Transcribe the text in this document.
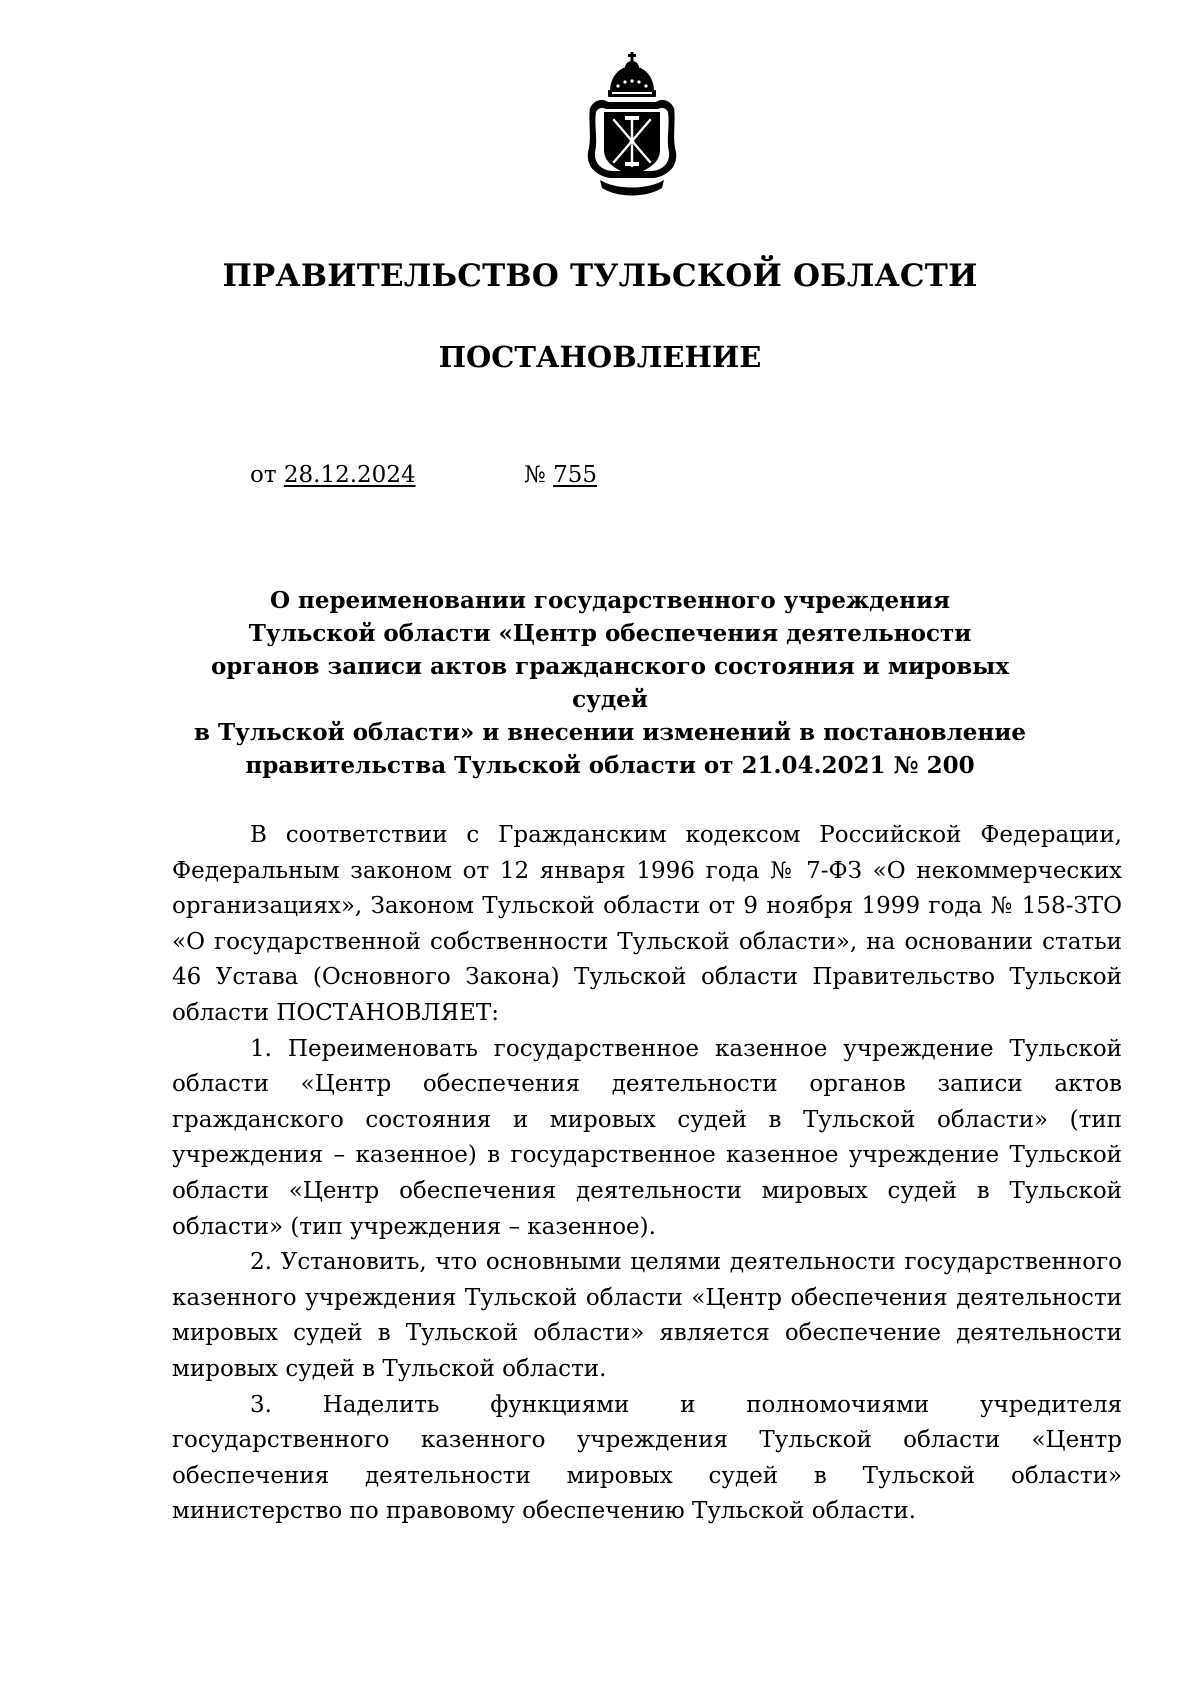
ПРАВИТЕЛЬСТВО ТУЛЬСКОЙ ОБЛАСТИ
ПОСТАНОВЛЕНИЕ
от 28.12.2024	№ 755
О переименовании государственного учреждения
Тульской области «Центр обеспечения деятельности
органов записи актов гражданского состояния и мировых судей
в Тульской области» и внесении изменений в постановление
правительства Тульской области от 21.04.2021 № 200

В соответствии с Гражданским кодексом Российской Федерации, Федеральным законом от 12 января 1996 года № 7-ФЗ «О некоммерческих организациях», Законом Тульской области от 9 ноября 1999 года № 158-ЗТО «О государственной собственности Тульской области», на основании статьи 46 Устава (Основного Закона) Тульской области Правительство Тульской области ПОСТАНОВЛЯЕТ:

1. Переименовать государственное казенное учреждение Тульской области «Центр обеспечения деятельности органов записи актов гражданского состояния и мировых судей в Тульской области» (тип учреждения – казенное) в государственное казенное учреждение Тульской области «Центр обеспечения деятельности мировых судей в Тульской области» (тип учреждения – казенное).

2. Установить, что основными целями деятельности государственного казенного учреждения Тульской области «Центр обеспечения деятельности мировых судей в Тульской области» является обеспечение деятельности мировых судей в Тульской области.

3. Наделить функциями и полномочиями учредителя государственного казенного учреждения Тульской области «Центр обеспечения деятельности мировых судей в Тульской области» министерство по правовому обеспечению Тульской области.
